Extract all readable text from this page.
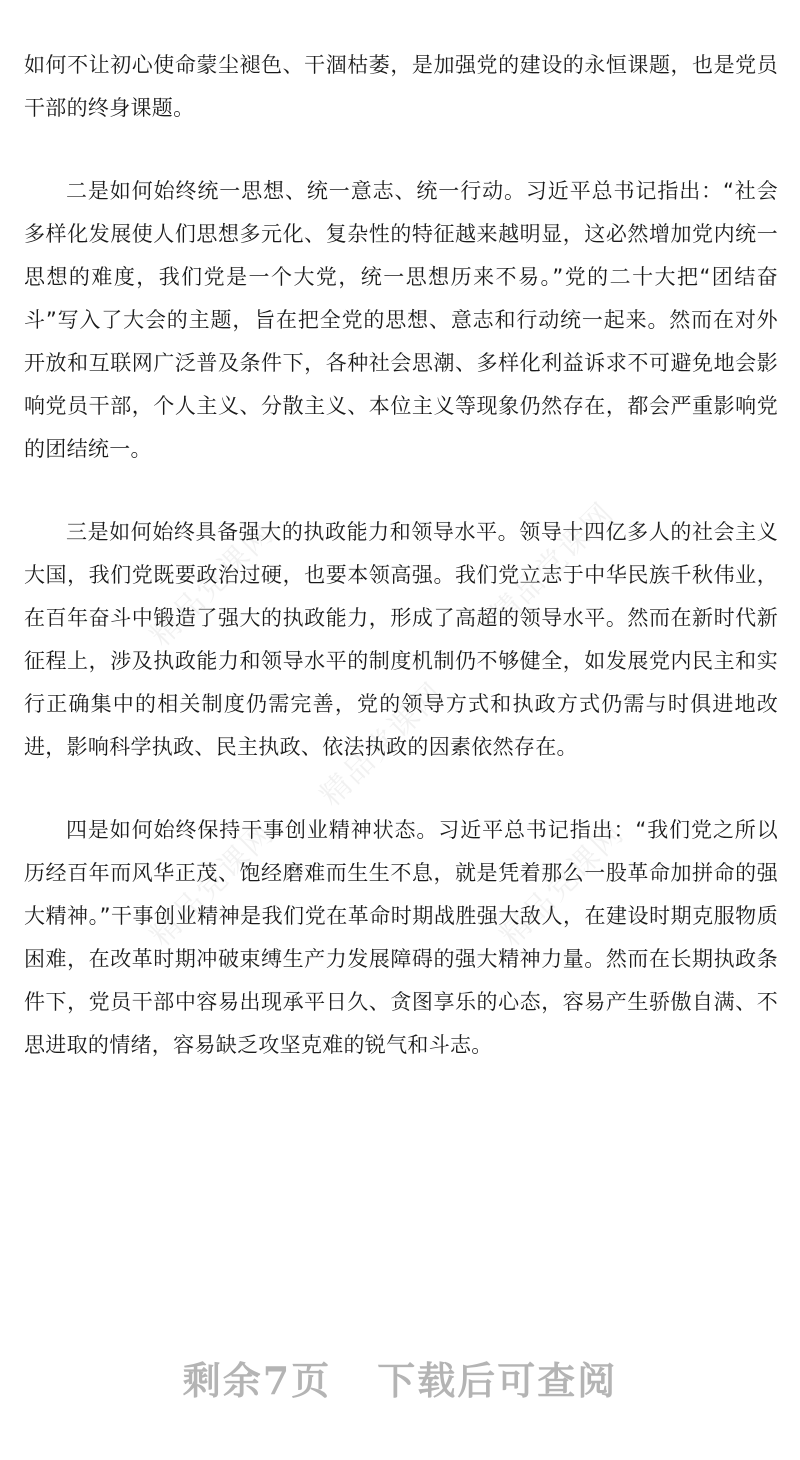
精品党课网	精品党课网
精品党课网
精品党课网	精品党课网

如何不让初心使命蒙尘褪色、干涸枯萎，是加强党的建设的永恒课题，也是党员干部的终身课题。

二是如何始终统一思想、统一意志、统一行动。习近平总书记指出：“社会多样化发展使人们思想多元化、复杂性的特征越来越明显，这必然增加党内统一思想的难度，我们党是一个大党，统一思想历来不易。”党的二十大把“团结奋斗”写入了大会的主题，旨在把全党的思想、意志和行动统一起来。然而在对外开放和互联网广泛普及条件下，各种社会思潮、多样化利益诉求不可避免地会影响党员干部，个人主义、分散主义、本位主义等现象仍然存在，都会严重影响党的团结统一。

三是如何始终具备强大的执政能力和领导水平。领导十四亿多人的社会主义大国，我们党既要政治过硬，也要本领高强。我们党立志于中华民族千秋伟业，在百年奋斗中锻造了强大的执政能力，形成了高超的领导水平。然而在新时代新征程上，涉及执政能力和领导水平的制度机制仍不够健全，如发展党内民主和实行正确集中的相关制度仍需完善，党的领导方式和执政方式仍需与时俱进地改进，影响科学执政、民主执政、依法执政的因素依然存在。

四是如何始终保持干事创业精神状态。习近平总书记指出：“我们党之所以历经百年而风华正茂、饱经磨难而生生不息，就是凭着那么一股革命加拼命的强大精神。”干事创业精神是我们党在革命时期战胜强大敌人，在建设时期克服物质困难，在改革时期冲破束缚生产力发展障碍的强大精神力量。然而在长期执政条件下，党员干部中容易出现承平日久、贪图享乐的心态，容易产生骄傲自满、不思进取的情绪，容易缺乏攻坚克难的锐气和斗志。

剩余7页 下载后可查阅
